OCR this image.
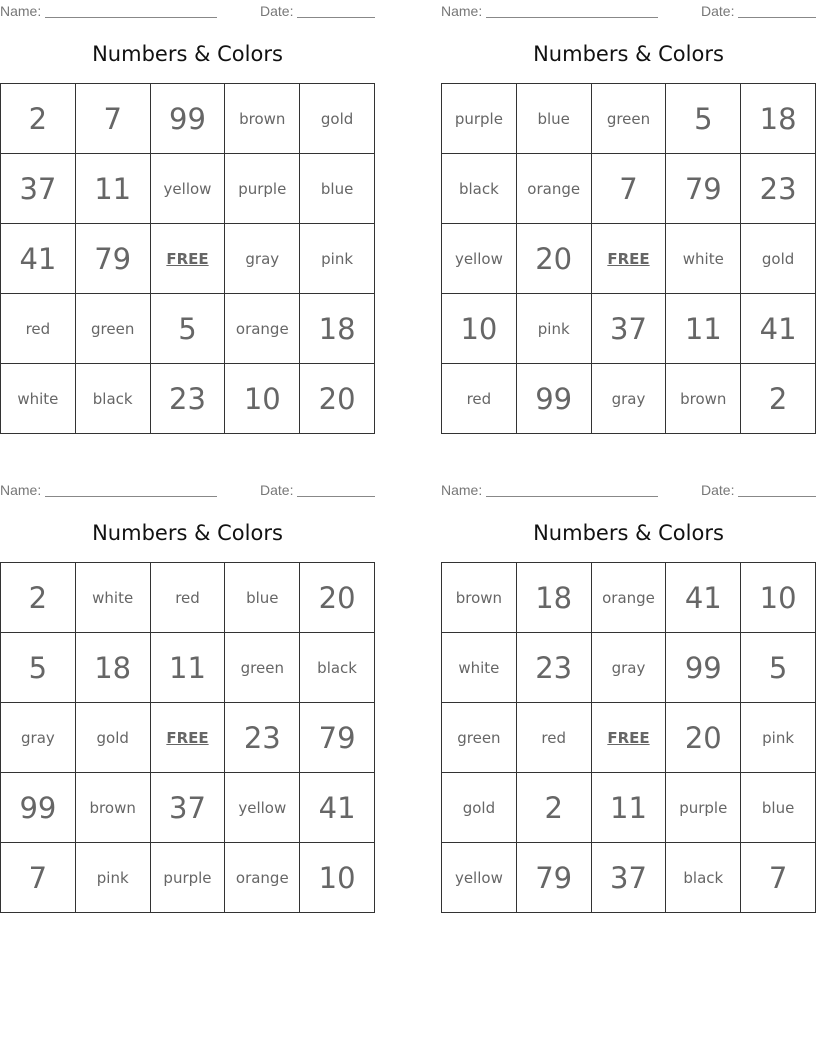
Name:	Date:
Numbers & Colors
2	7	99	brown	gold
37	11	yellow	purple	blue
41	79	FREE	gray	pink
red	green	5	orange	18
white	black	23	10	20
Name:	Date:
Numbers & Colors
purple	blue	green	5	18
black	orange	7	79	23
yellow	20	FREE	white	gold
10	pink	37	11	41
red	99	gray	brown	2
Name:	Date:
Numbers & Colors
2	white	red	blue	20
5	18	11	green	black
gray	gold	FREE	23	79
99	brown	37	yellow	41
7	pink	purple	orange	10
Name:	Date:
Numbers & Colors
brown	18	orange	41	10
white	23	gray	99	5
green	red	FREE	20	pink
gold	2	11	purple	blue
yellow	79	37	black	7
